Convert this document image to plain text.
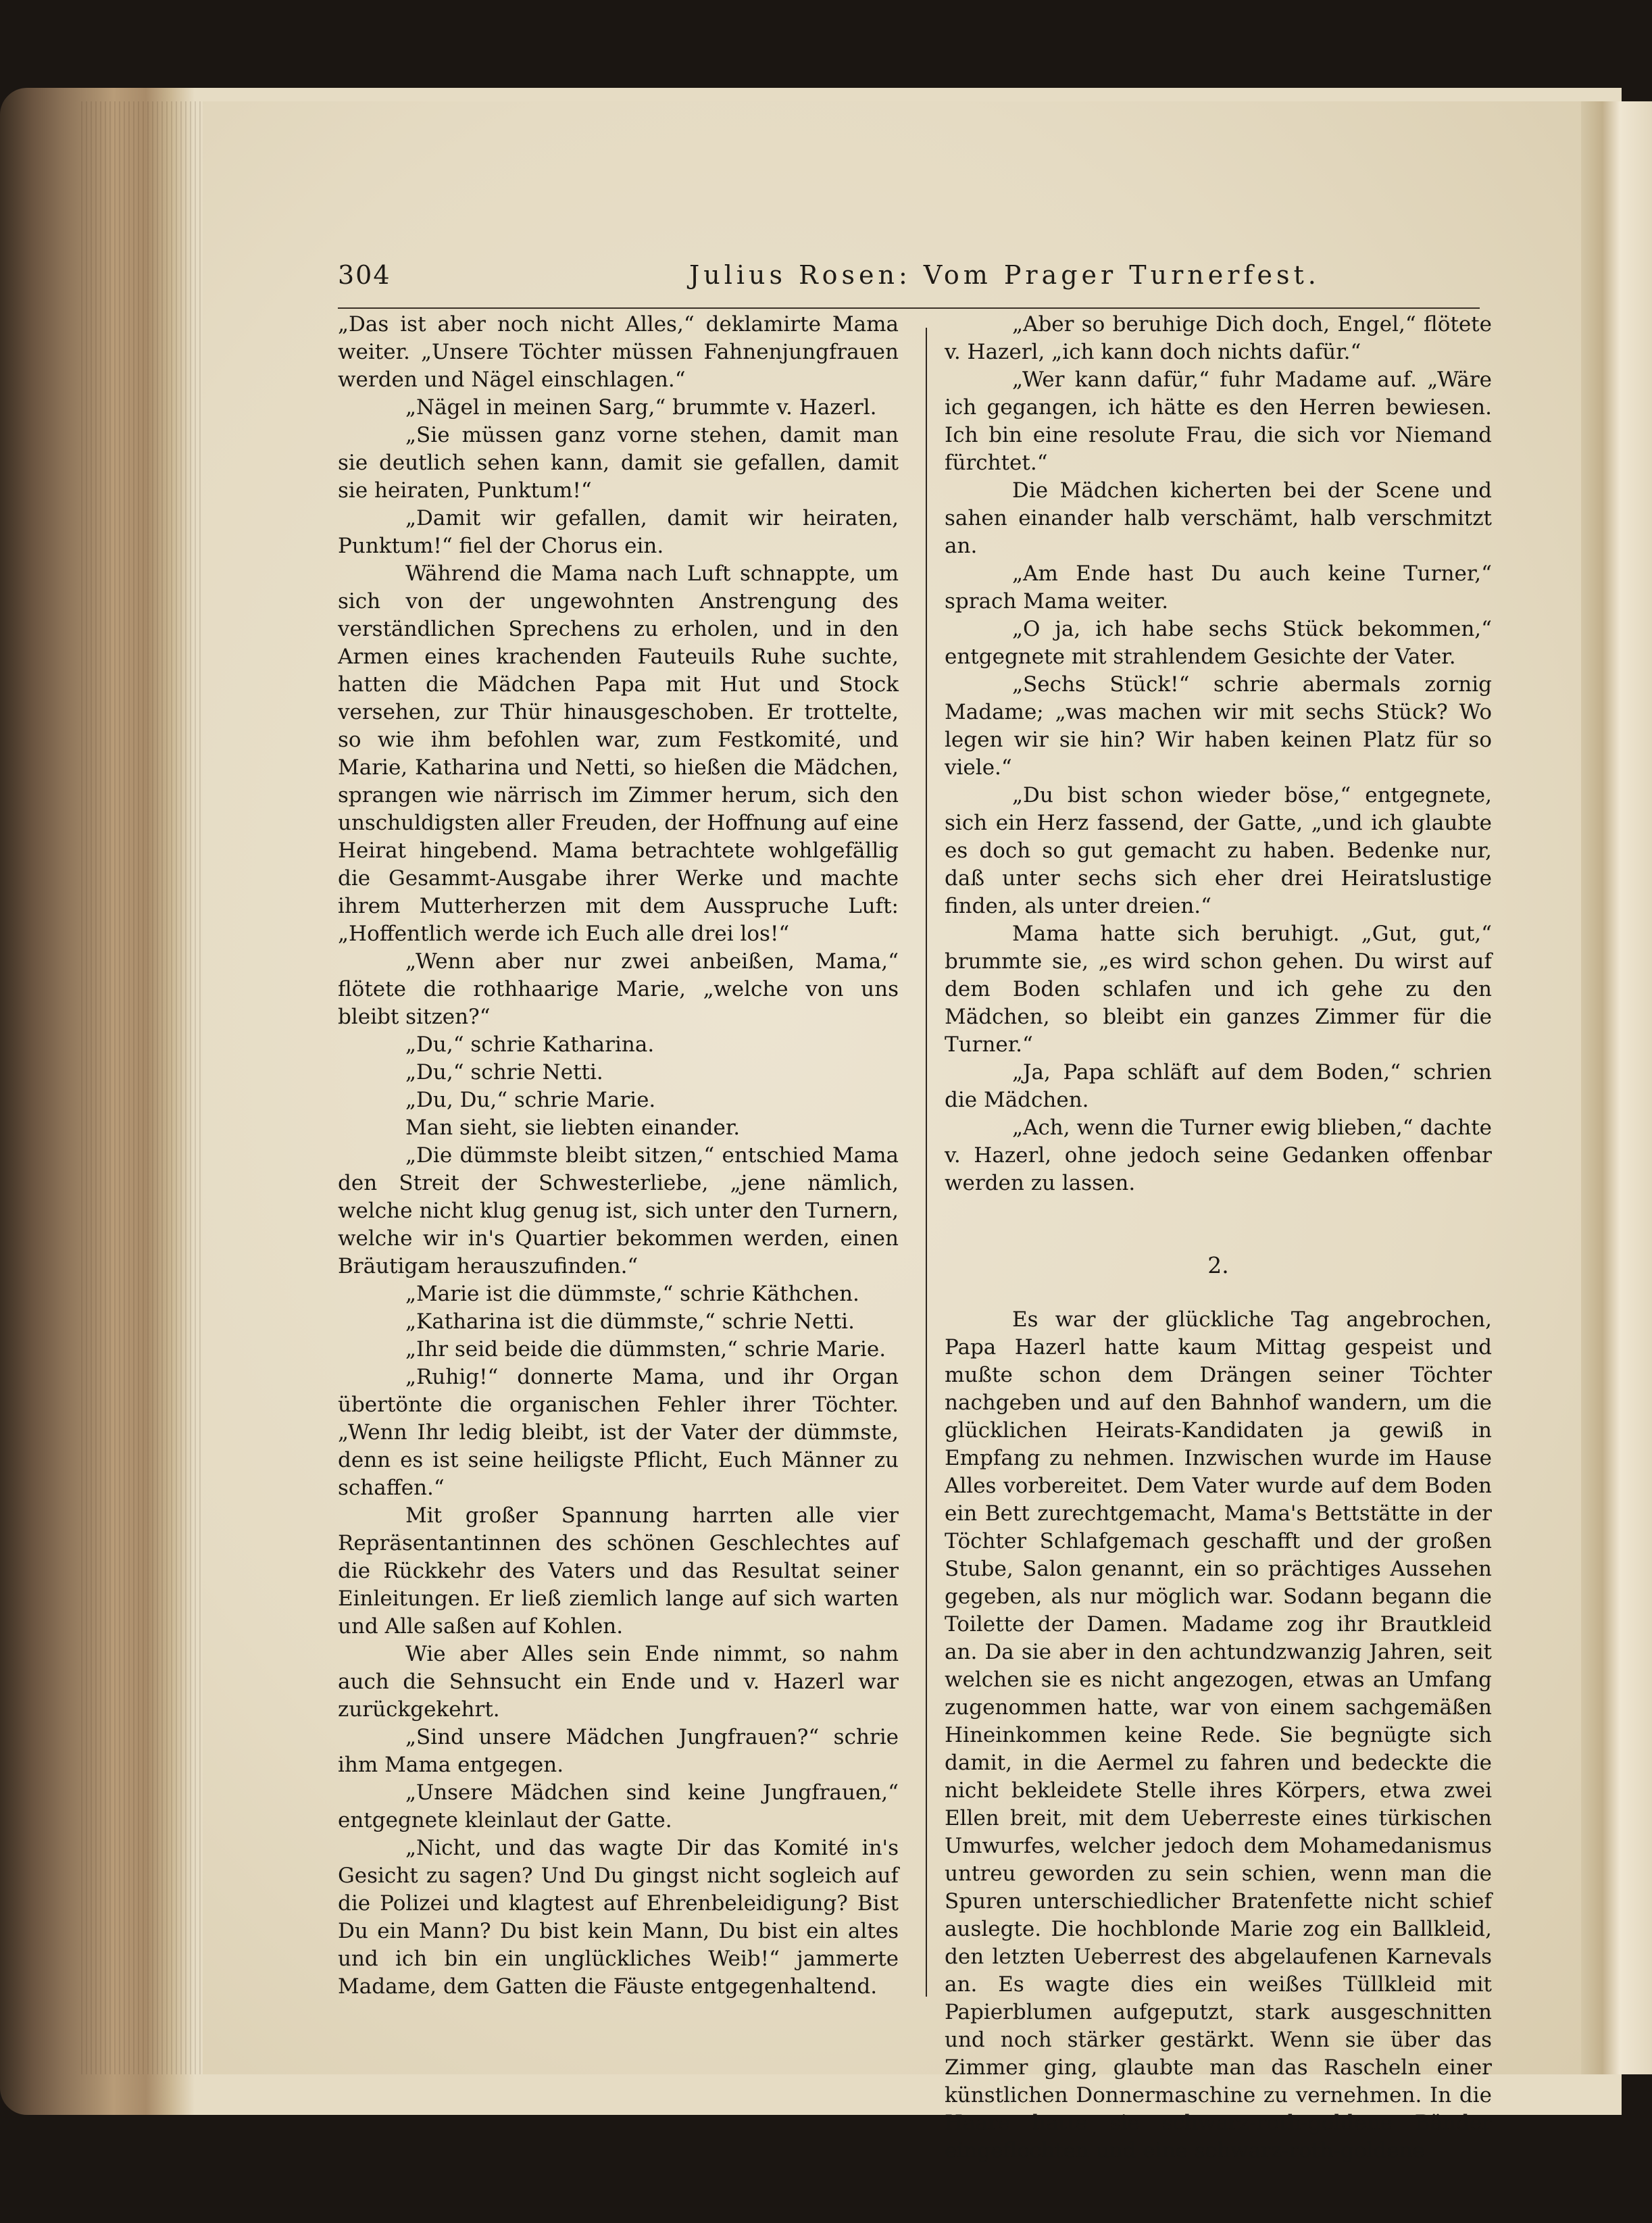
304	Julius Rosen: Vom Prager Turnerfest.

„Das ist aber noch nicht Alles,“ deklamirte Mama weiter. „Unsere Töchter müssen Fahnenjungfrauen werden und Nägel einschlagen.“

„Nägel in meinen Sarg,“ brummte v. Hazerl.

„Sie müssen ganz vorne stehen, damit man sie deutlich sehen kann, damit sie gefallen, damit sie heiraten, Punktum!“

„Damit wir gefallen, damit wir heiraten, Punktum!“ fiel der Chorus ein.

Während die Mama nach Luft schnappte, um sich von der ungewohnten Anstrengung des verständlichen Sprechens zu erholen, und in den Armen eines krachenden Fauteuils Ruhe suchte, hatten die Mädchen Papa mit Hut und Stock versehen, zur Thür hinausgeschoben. Er trottelte, so wie ihm befohlen war, zum Festkomité, und Marie, Katharina und Netti, so hießen die Mädchen, sprangen wie närrisch im Zimmer herum, sich den unschuldigsten aller Freuden, der Hoffnung auf eine Heirat hingebend. Mama betrachtete wohlgefällig die Gesammt-Ausgabe ihrer Werke und machte ihrem Mutterherzen mit dem Ausspruche Luft: „Hoffentlich werde ich Euch alle drei los!“

„Wenn aber nur zwei anbeißen, Mama,“ flötete die rothhaarige Marie, „welche von uns bleibt sitzen?“

„Du,“ schrie Katharina.

„Du,“ schrie Netti.

„Du, Du,“ schrie Marie.

Man sieht, sie liebten einander.

„Die dümmste bleibt sitzen,“ entschied Mama den Streit der Schwesterliebe, „jene nämlich, welche nicht klug genug ist, sich unter den Turnern, welche wir in's Quartier bekommen werden, einen Bräutigam herauszufinden.“

„Marie ist die dümmste,“ schrie Käthchen.

„Katharina ist die dümmste,“ schrie Netti.

„Ihr seid beide die dümmsten,“ schrie Marie.

„Ruhig!“ donnerte Mama, und ihr Organ übertönte die organischen Fehler ihrer Töchter. „Wenn Ihr ledig bleibt, ist der Vater der dümmste, denn es ist seine heiligste Pflicht, Euch Männer zu schaffen.“

Mit großer Spannung harrten alle vier Repräsentantinnen des schönen Geschlechtes auf die Rückkehr des Vaters und das Resultat seiner Einleitungen. Er ließ ziemlich lange auf sich warten und Alle saßen auf Kohlen.

Wie aber Alles sein Ende nimmt, so nahm auch die Sehnsucht ein Ende und v. Hazerl war zurückgekehrt.

„Sind unsere Mädchen Jungfrauen?“ schrie ihm Mama entgegen.

„Unsere Mädchen sind keine Jungfrauen,“ entgegnete kleinlaut der Gatte.

„Nicht, und das wagte Dir das Komité in's Gesicht zu sagen? Und Du gingst nicht sogleich auf die Polizei und klagtest auf Ehrenbeleidigung? Bist Du ein Mann? Du bist kein Mann, Du bist ein altes und ich bin ein unglückliches Weib!“ jammerte Madame, dem Gatten die Fäuste entgegenhaltend.

„Aber so beruhige Dich doch, Engel,“ flötete v. Hazerl, „ich kann doch nichts dafür.“

„Wer kann dafür,“ fuhr Madame auf. „Wäre ich gegangen, ich hätte es den Herren bewiesen. Ich bin eine resolute Frau, die sich vor Niemand fürchtet.“

Die Mädchen kicherten bei der Scene und sahen einander halb verschämt, halb verschmitzt an.

„Am Ende hast Du auch keine Turner,“ sprach Mama weiter.

„O ja, ich habe sechs Stück bekommen,“ entgegnete mit strahlendem Gesichte der Vater.

„Sechs Stück!“ schrie abermals zornig Madame; „was machen wir mit sechs Stück? Wo legen wir sie hin? Wir haben keinen Platz für so viele.“

„Du bist schon wieder böse,“ entgegnete, sich ein Herz fassend, der Gatte, „und ich glaubte es doch so gut gemacht zu haben. Bedenke nur, daß unter sechs sich eher drei Heiratslustige finden, als unter dreien.“

Mama hatte sich beruhigt. „Gut, gut,“ brummte sie, „es wird schon gehen. Du wirst auf dem Boden schlafen und ich gehe zu den Mädchen, so bleibt ein ganzes Zimmer für die Turner.“

„Ja, Papa schläft auf dem Boden,“ schrien die Mädchen.

„Ach, wenn die Turner ewig blieben,“ dachte v. Hazerl, ohne jedoch seine Gedanken offenbar werden zu lassen.

2.

Es war der glückliche Tag angebrochen, Papa Hazerl hatte kaum Mittag gespeist und mußte schon dem Drängen seiner Töchter nachgeben und auf den Bahnhof wandern, um die glücklichen Heirats-Kandidaten ja gewiß in Empfang zu nehmen. Inzwischen wurde im Hause Alles vorbereitet. Dem Vater wurde auf dem Boden ein Bett zurechtgemacht, Mama's Bettstätte in der Töchter Schlafgemach geschafft und der großen Stube, Salon genannt, ein so prächtiges Aussehen gegeben, als nur möglich war. Sodann begann die Toilette der Damen. Madame zog ihr Brautkleid an. Da sie aber in den achtundzwanzig Jahren, seit welchen sie es nicht angezogen, etwas an Umfang zugenommen hatte, war von einem sachgemäßen Hineinkommen keine Rede. Sie begnügte sich damit, in die Aermel zu fahren und bedeckte die nicht bekleidete Stelle ihres Körpers, etwa zwei Ellen breit, mit dem Ueberreste eines türkischen Umwurfes, welcher jedoch dem Mohamedanismus untreu geworden zu sein schien, wenn man die Spuren unterschiedlicher Bratenfette nicht schief auslegte. Die hochblonde Marie zog ein Ballkleid, den letzten Ueberrest des abgelaufenen Karnevals an. Es wagte dies ein weißes Tüllkleid mit Papierblumen aufgeputzt, stark ausgeschnitten und noch stärker gestärkt. Wenn sie über das Zimmer ging, glaubte man das Rascheln einer künstlichen Donnermaschine zu vernehmen. In die Haare hatte sie schwarz-roth-goldene Bänder eingeflochten und eine schwarz-roth-goldene
